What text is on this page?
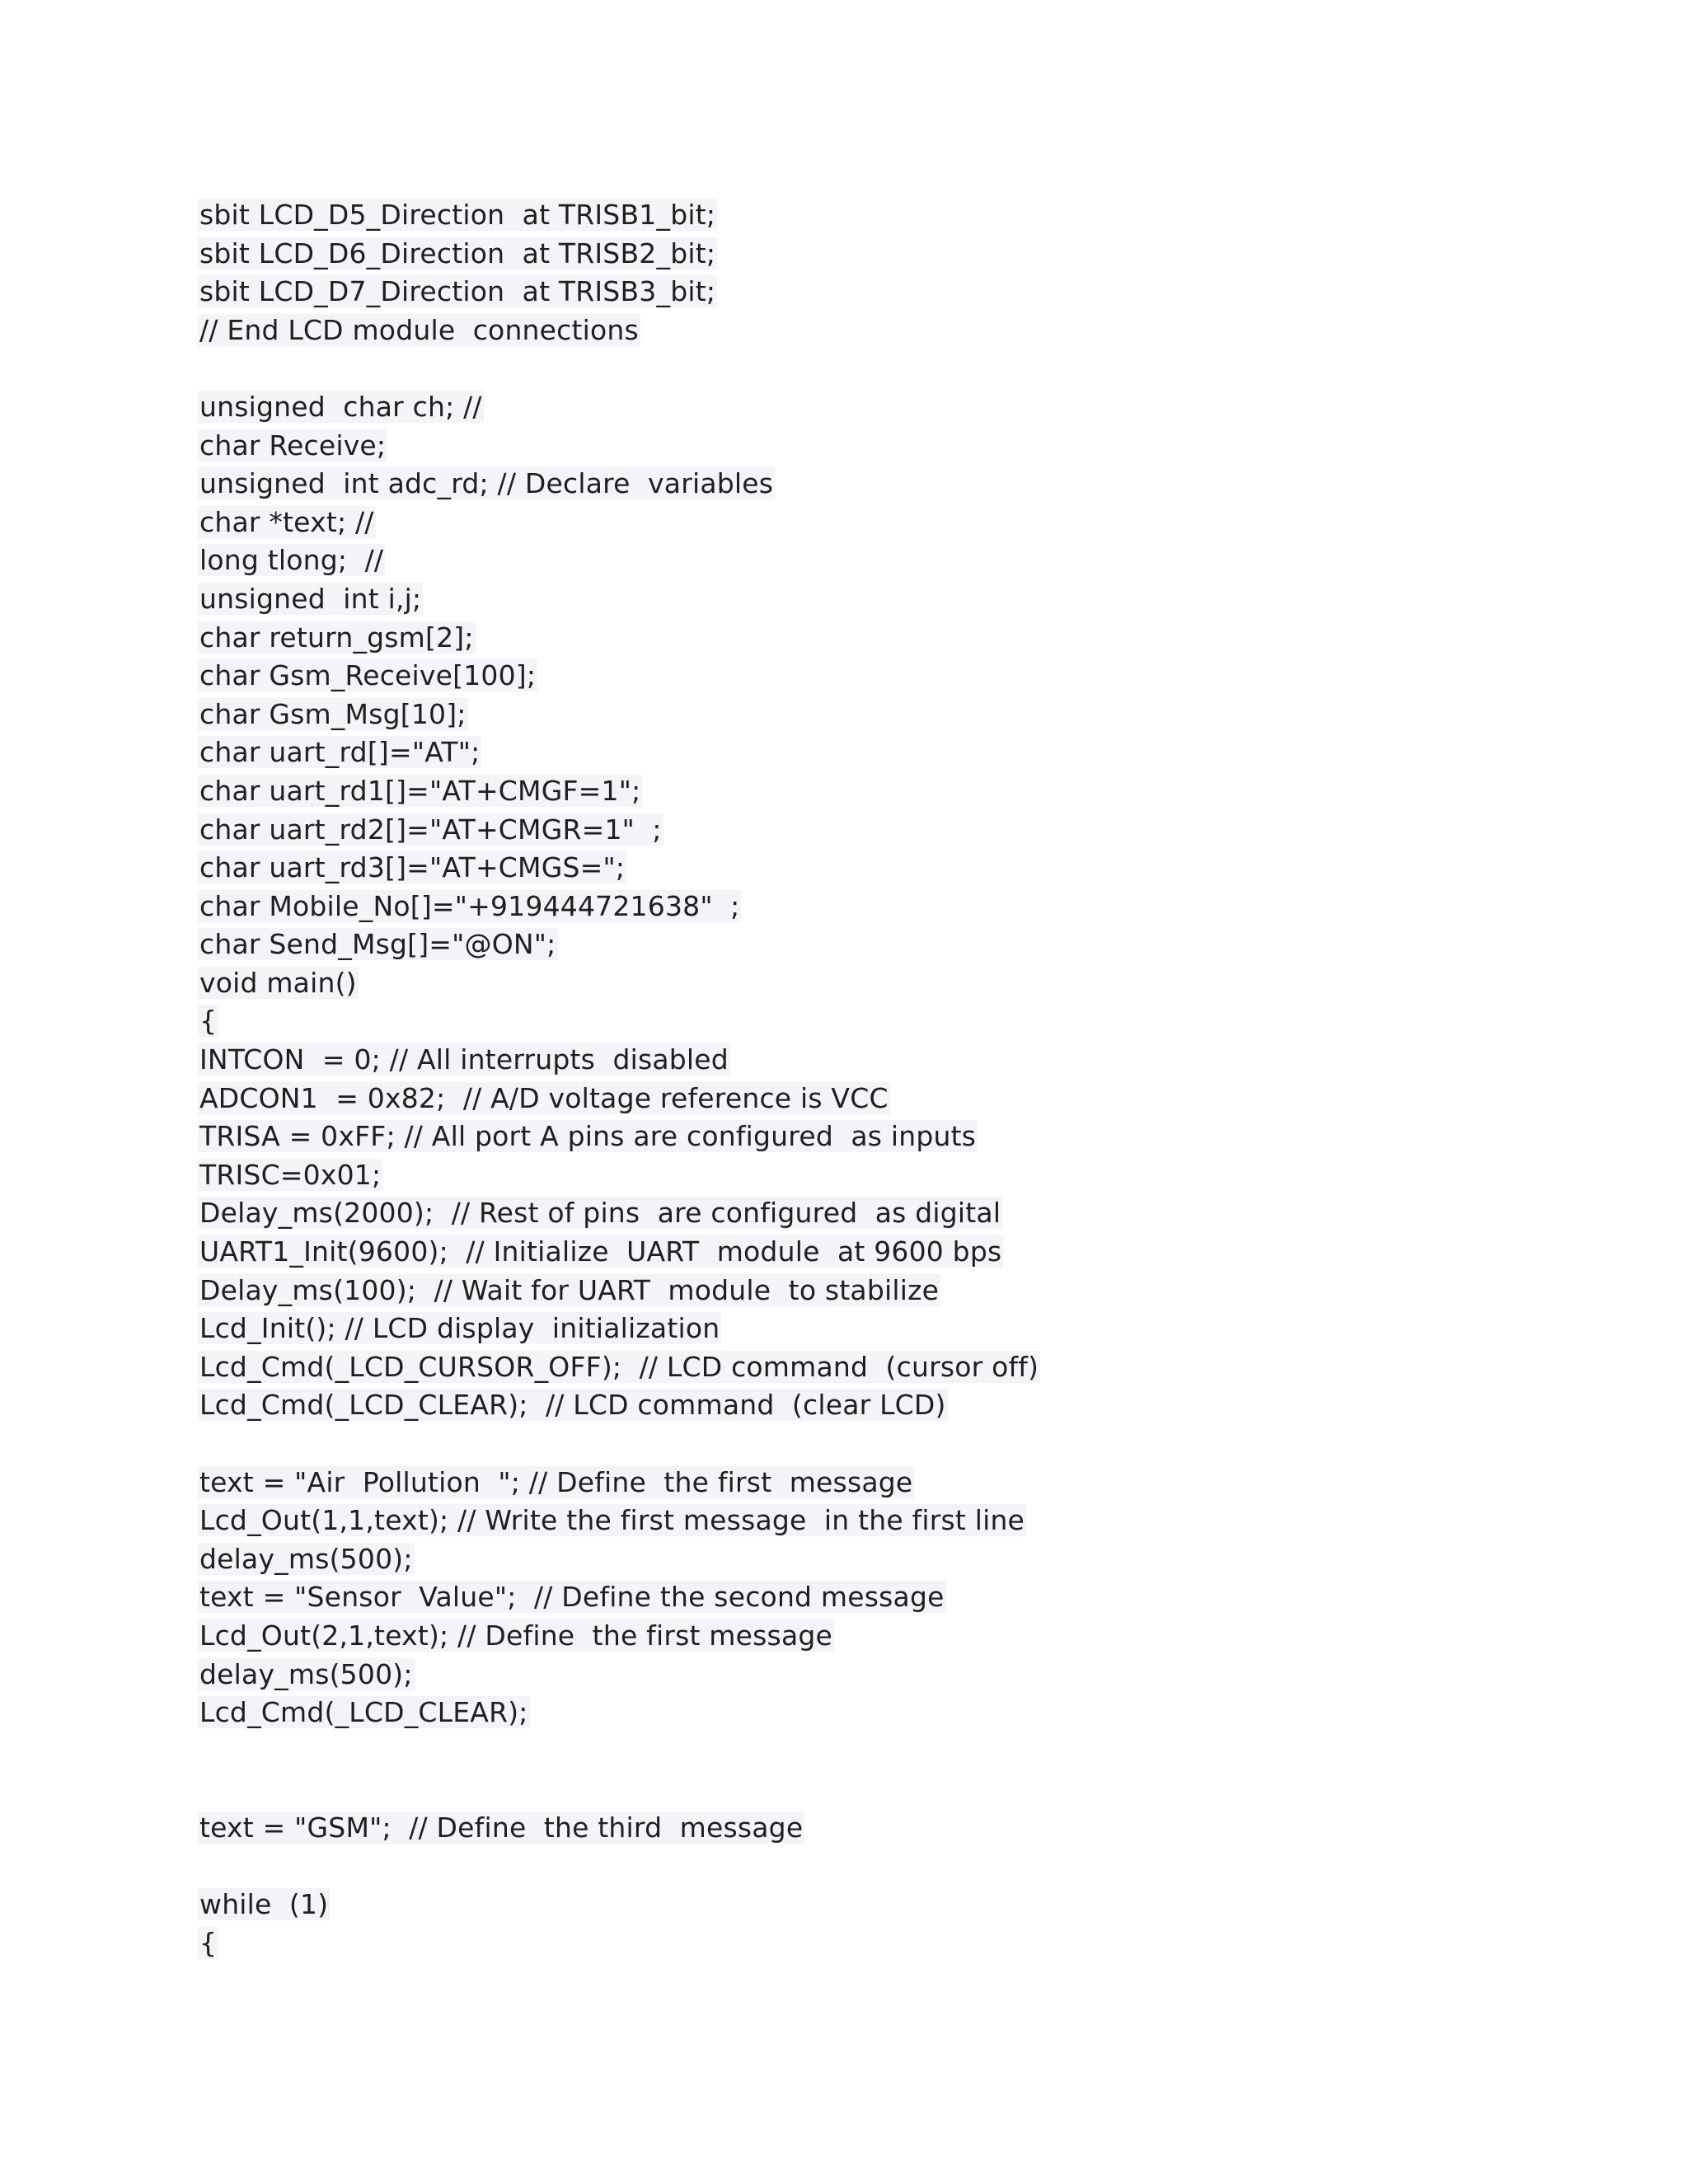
sbit LCD_D5_Direction  at TRISB1_bit;
sbit LCD_D6_Direction  at TRISB2_bit;
sbit LCD_D7_Direction  at TRISB3_bit;
// End LCD module  connections
unsigned  char ch; //
char Receive;
unsigned  int adc_rd; // Declare  variables
char *text; //
long tlong;  //
unsigned  int i,j;
char return_gsm[2];
char Gsm_Receive[100];
char Gsm_Msg[10];
char uart_rd[]="AT";
char uart_rd1[]="AT+CMGF=1";
char uart_rd2[]="AT+CMGR=1"  ;
char uart_rd3[]="AT+CMGS=";
char Mobile_No[]="+919444721638"  ;
char Send_Msg[]="@ON";
void main()
{
INTCON  = 0; // All interrupts  disabled
ADCON1  = 0x82;  // A/D voltage reference is VCC
TRISA = 0xFF; // All port A pins are configured  as inputs
TRISC=0x01;
Delay_ms(2000);  // Rest of pins  are configured  as digital
UART1_Init(9600);  // Initialize  UART  module  at 9600 bps
Delay_ms(100);  // Wait for UART  module  to stabilize
Lcd_Init(); // LCD display  initialization
Lcd_Cmd(_LCD_CURSOR_OFF);  // LCD command  (cursor off)
Lcd_Cmd(_LCD_CLEAR);  // LCD command  (clear LCD)
text = "Air  Pollution  "; // Define  the first  message
Lcd_Out(1,1,text); // Write the first message  in the first line
delay_ms(500);
text = "Sensor  Value";  // Define the second message
Lcd_Out(2,1,text); // Define  the first message
delay_ms(500);
Lcd_Cmd(_LCD_CLEAR);
text = "GSM";  // Define  the third  message
while  (1)
{
